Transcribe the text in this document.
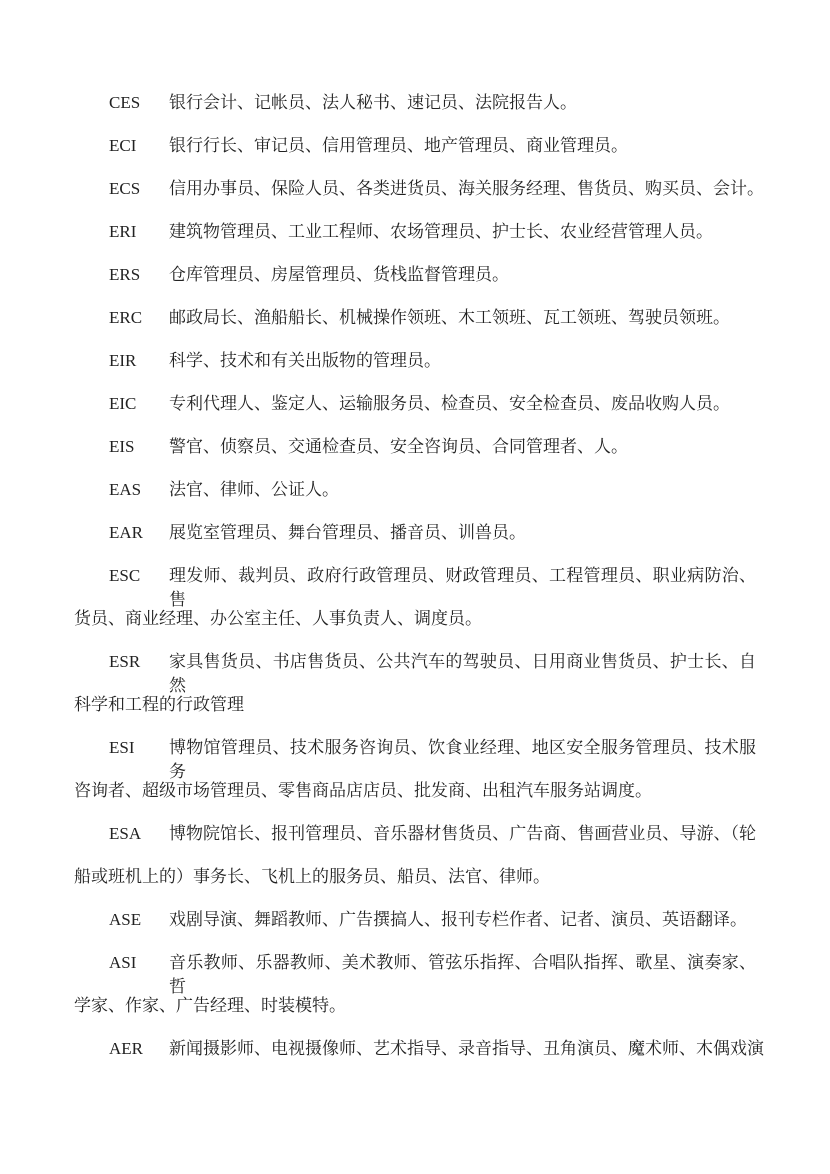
CES 银行会计、记帐员、法人秘书、速记员、法院报告人。
ECI 银行行长、审记员、信用管理员、地产管理员、商业管理员。
ECS 信用办事员、保险人员、各类进货员、海关服务经理、售货员、购买员、会计。
ERI 建筑物管理员、工业工程师、农场管理员、护士长、农业经营管理人员。
ERS 仓库管理员、房屋管理员、货栈监督管理员。
ERC 邮政局长、渔船船长、机械操作领班、木工领班、瓦工领班、驾驶员领班。
EIR 科学、技术和有关出版物的管理员。
EIC 专利代理人、鉴定人、运输服务员、检查员、安全检查员、废品收购人员。
EIS 警官、侦察员、交通检查员、安全咨询员、合同管理者、人。
EAS 法官、律师、公证人。
EAR 展览室管理员、舞台管理员、播音员、训兽员。
ESC 理发师、裁判员、政府行政管理员、财政管理员、工程管理员、职业病防治、售
货员、商业经理、办公室主任、人事负责人、调度员。
ESR 家具售货员、书店售货员、公共汽车的驾驶员、日用商业售货员、护士长、自然
科学和工程的行政管理
ESI 博物馆管理员、技术服务咨询员、饮食业经理、地区安全服务管理员、技术服务
咨询者、超级市场管理员、零售商品店店员、批发商、出租汽车服务站调度。
ESA 博物院馆长、报刊管理员、音乐器材售货员、广告商、售画营业员、导游、（轮
船或班机上的）事务长、飞机上的服务员、船员、法官、律师。
ASE 戏剧导演、舞蹈教师、广告撰搞人、报刊专栏作者、记者、演员、英语翻译。
ASI 音乐教师、乐器教师、美术教师、管弦乐指挥、合唱队指挥、歌星、演奏家、哲
学家、作家、广告经理、时装模特。
AER 新闻摄影师、电视摄像师、艺术指导、录音指导、丑角演员、魔术师、木偶戏演
